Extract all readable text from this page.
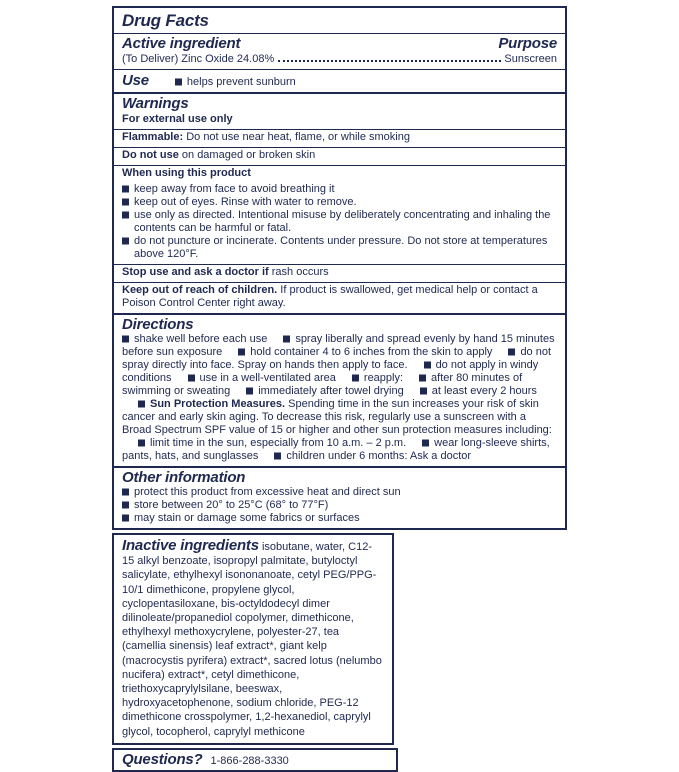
Drug Facts
Active ingredient	Purpose
(To Deliver) Zinc Oxide 24.08%	Sunscreen
Use	helps prevent sunburn
Warnings
For external use only
Flammable: Do not use near heat, flame, or while smoking
Do not use on damaged or broken skin
When using this product
keep away from face to avoid breathing it
keep out of eyes. Rinse with water to remove.
use only as directed. Intentional misuse by deliberately concentrating and inhaling the contents can be harmful or fatal.
do not puncture or incinerate. Contents under pressure. Do not store at temperatures above 120°F.
Stop use and ask a doctor if rash occurs
Keep out of reach of children. If product is swallowed, get medical help or contact a Poison Control Center right away.
Directions
shake well before each use	spray liberally and spread evenly by hand 15 minutes before sun exposure	hold container 4 to 6 inches from the skin to apply	do not spray directly into face. Spray on hands then apply to face.	do not apply in windy conditions	use in a well-ventilated area	reapply:	after 80 minutes of swimming or sweating	immediately after towel drying	at least every 2 hoursSun Protection Measures. Spending time in the sun increases your risk of skin cancer and early skin aging. To decrease this risk, regularly use a sunscreen with a Broad Spectrum SPF value of 15 or higher and other sun protection measures including:limit time in the sun, especially from 10 a.m. – 2 p.m.	wear long-sleeve shirts, pants, hats, and sunglasses	children under 6 months: Ask a doctor
Other information
protect this product from excessive heat and direct sun
store between 20° to 25°C (68° to 77°F)
may stain or damage some fabrics or surfaces
Inactive ingredients isobutane, water, C12-15 alkyl benzoate, isopropyl palmitate, butyloctyl salicylate, ethylhexyl isononanoate, cetyl PEG/PPG-10/1 dimethicone, propylene glycol, cyclopentasiloxane, bis-octyldodecyl dimer dilinoleate/propanediol copolymer, dimethicone, ethylhexyl methoxycrylene, polyester-27, tea (camellia sinensis) leaf extract*, giant kelp (macrocystis pyrifera) extract*, sacred lotus (nelumbo nucifera) extract*, cetyl dimethicone, triethoxycaprylylsilane, beeswax, hydroxyacetophenone, sodium chloride, PEG-12 dimethicone crosspolymer, 1,2-hexanediol, caprylyl glycol, tocopherol, caprylyl methicone
Questions? 1-866-288-3330
